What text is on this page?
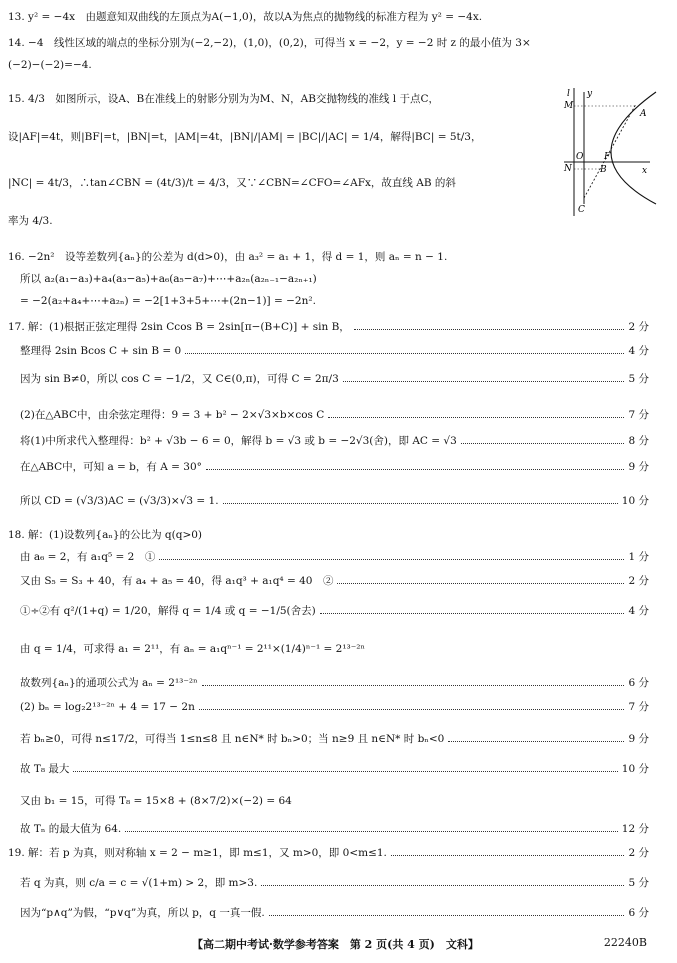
13. y² = −4x　由题意知双曲线的左顶点为A(−1,0)，故以A为焦点的抛物线的标准方程为 y² = −4x.
14. −4　线性区域的端点的坐标分别为(−2,−2)，(1,0)，(0,2)，可得当 x = −2，y = −2 时 z 的最小值为 3×
(−2)−(−2)=−4.
15. 4/3　如图所示，设A、B在准线上的射影分别为为M、N，AB交抛物线的准线 l 于点C，
设|AF|=4t，则|BF|=t，|BN|=t，|AM|=4t，|BN|/|AM| = |BC|/|AC| = 1/4，解得|BC| = 5t/3，
|NC| = 4t/3，∴tan∠CBN = (4t/3)/t = 4/3，又∵∠CBN=∠CFO=∠AFx，故直线 AB 的斜
率为 4/3.
l y
M
A
O F
x
N	B
C
16. −2n²　设等差数列{aₙ}的公差为 d(d>0)，由 a₃² = a₁ + 1，得 d = 1，则 aₙ = n − 1.
所以 a₂(a₁−a₃)+a₄(a₃−a₅)+a₆(a₅−a₇)+⋯+a₂ₙ(a₂ₙ₋₁−a₂ₙ₊₁)
= −2(a₂+a₄+⋯+a₂ₙ) = −2[1+3+5+⋯+(2n−1)] = −2n².
17. 解：(1)根据正弦定理得 2sin Ccos B = 2sin[π−(B+C)] + sin B，	2 分
整理得 2sin Bcos C + sin B = 0	4 分
因为 sin B≠0，所以 cos C = −1/2，又 C∈(0,π)，可得 C = 2π/3	5 分
(2)在△ABC中，由余弦定理得：9 = 3 + b² − 2×√3×b×cos C	7 分
将(1)中所求代入整理得：b² + √3b − 6 = 0，解得 b = √3 或 b = −2√3(舍)，即 AC = √3	8 分
在△ABC中，可知 a = b，有 A = 30°	9 分
所以 CD = (√3/3)AC = (√3/3)×√3 = 1.	10 分
18. 解：(1)设数列{aₙ}的公比为 q(q>0)
由 a₆ = 2，有 a₁q⁵ = 2　①	1 分
又由 S₅ = S₃ + 40，有 a₄ + a₅ = 40，得 a₁q³ + a₁q⁴ = 40　②	2 分
①÷②有 q²/(1+q) = 1/20，解得 q = 1/4 或 q = −1/5(舍去)	4 分
由 q = 1/4，可求得 a₁ = 2¹¹，有 aₙ = a₁qⁿ⁻¹ = 2¹¹×(1/4)ⁿ⁻¹ = 2¹³⁻²ⁿ
故数列{aₙ}的通项公式为 aₙ = 2¹³⁻²ⁿ	6 分
(2) bₙ = log₂2¹³⁻²ⁿ + 4 = 17 − 2n	7 分
若 bₙ≥0，可得 n≤17/2，可得当 1≤n≤8 且 n∈N* 时 bₙ>0；当 n≥9 且 n∈N* 时 bₙ<0	9 分
故 T₈ 最大	10 分
又由 b₁ = 15，可得 T₈ = 15×8 + (8×7/2)×(−2) = 64
故 Tₙ 的最大值为 64.	12 分
19. 解：若 p 为真，则对称轴 x = 2 − m≥1，即 m≤1，又 m>0，即 0<m≤1.	2 分
若 q 为真，则 c/a = c = √(1+m) > 2，即 m>3.	5 分
因为“p∧q”为假，“p∨q”为真，所以 p，q 一真一假.	6 分
【高二期中考试·数学参考答案　第 2 页(共 4 页)　文科】	22240B
